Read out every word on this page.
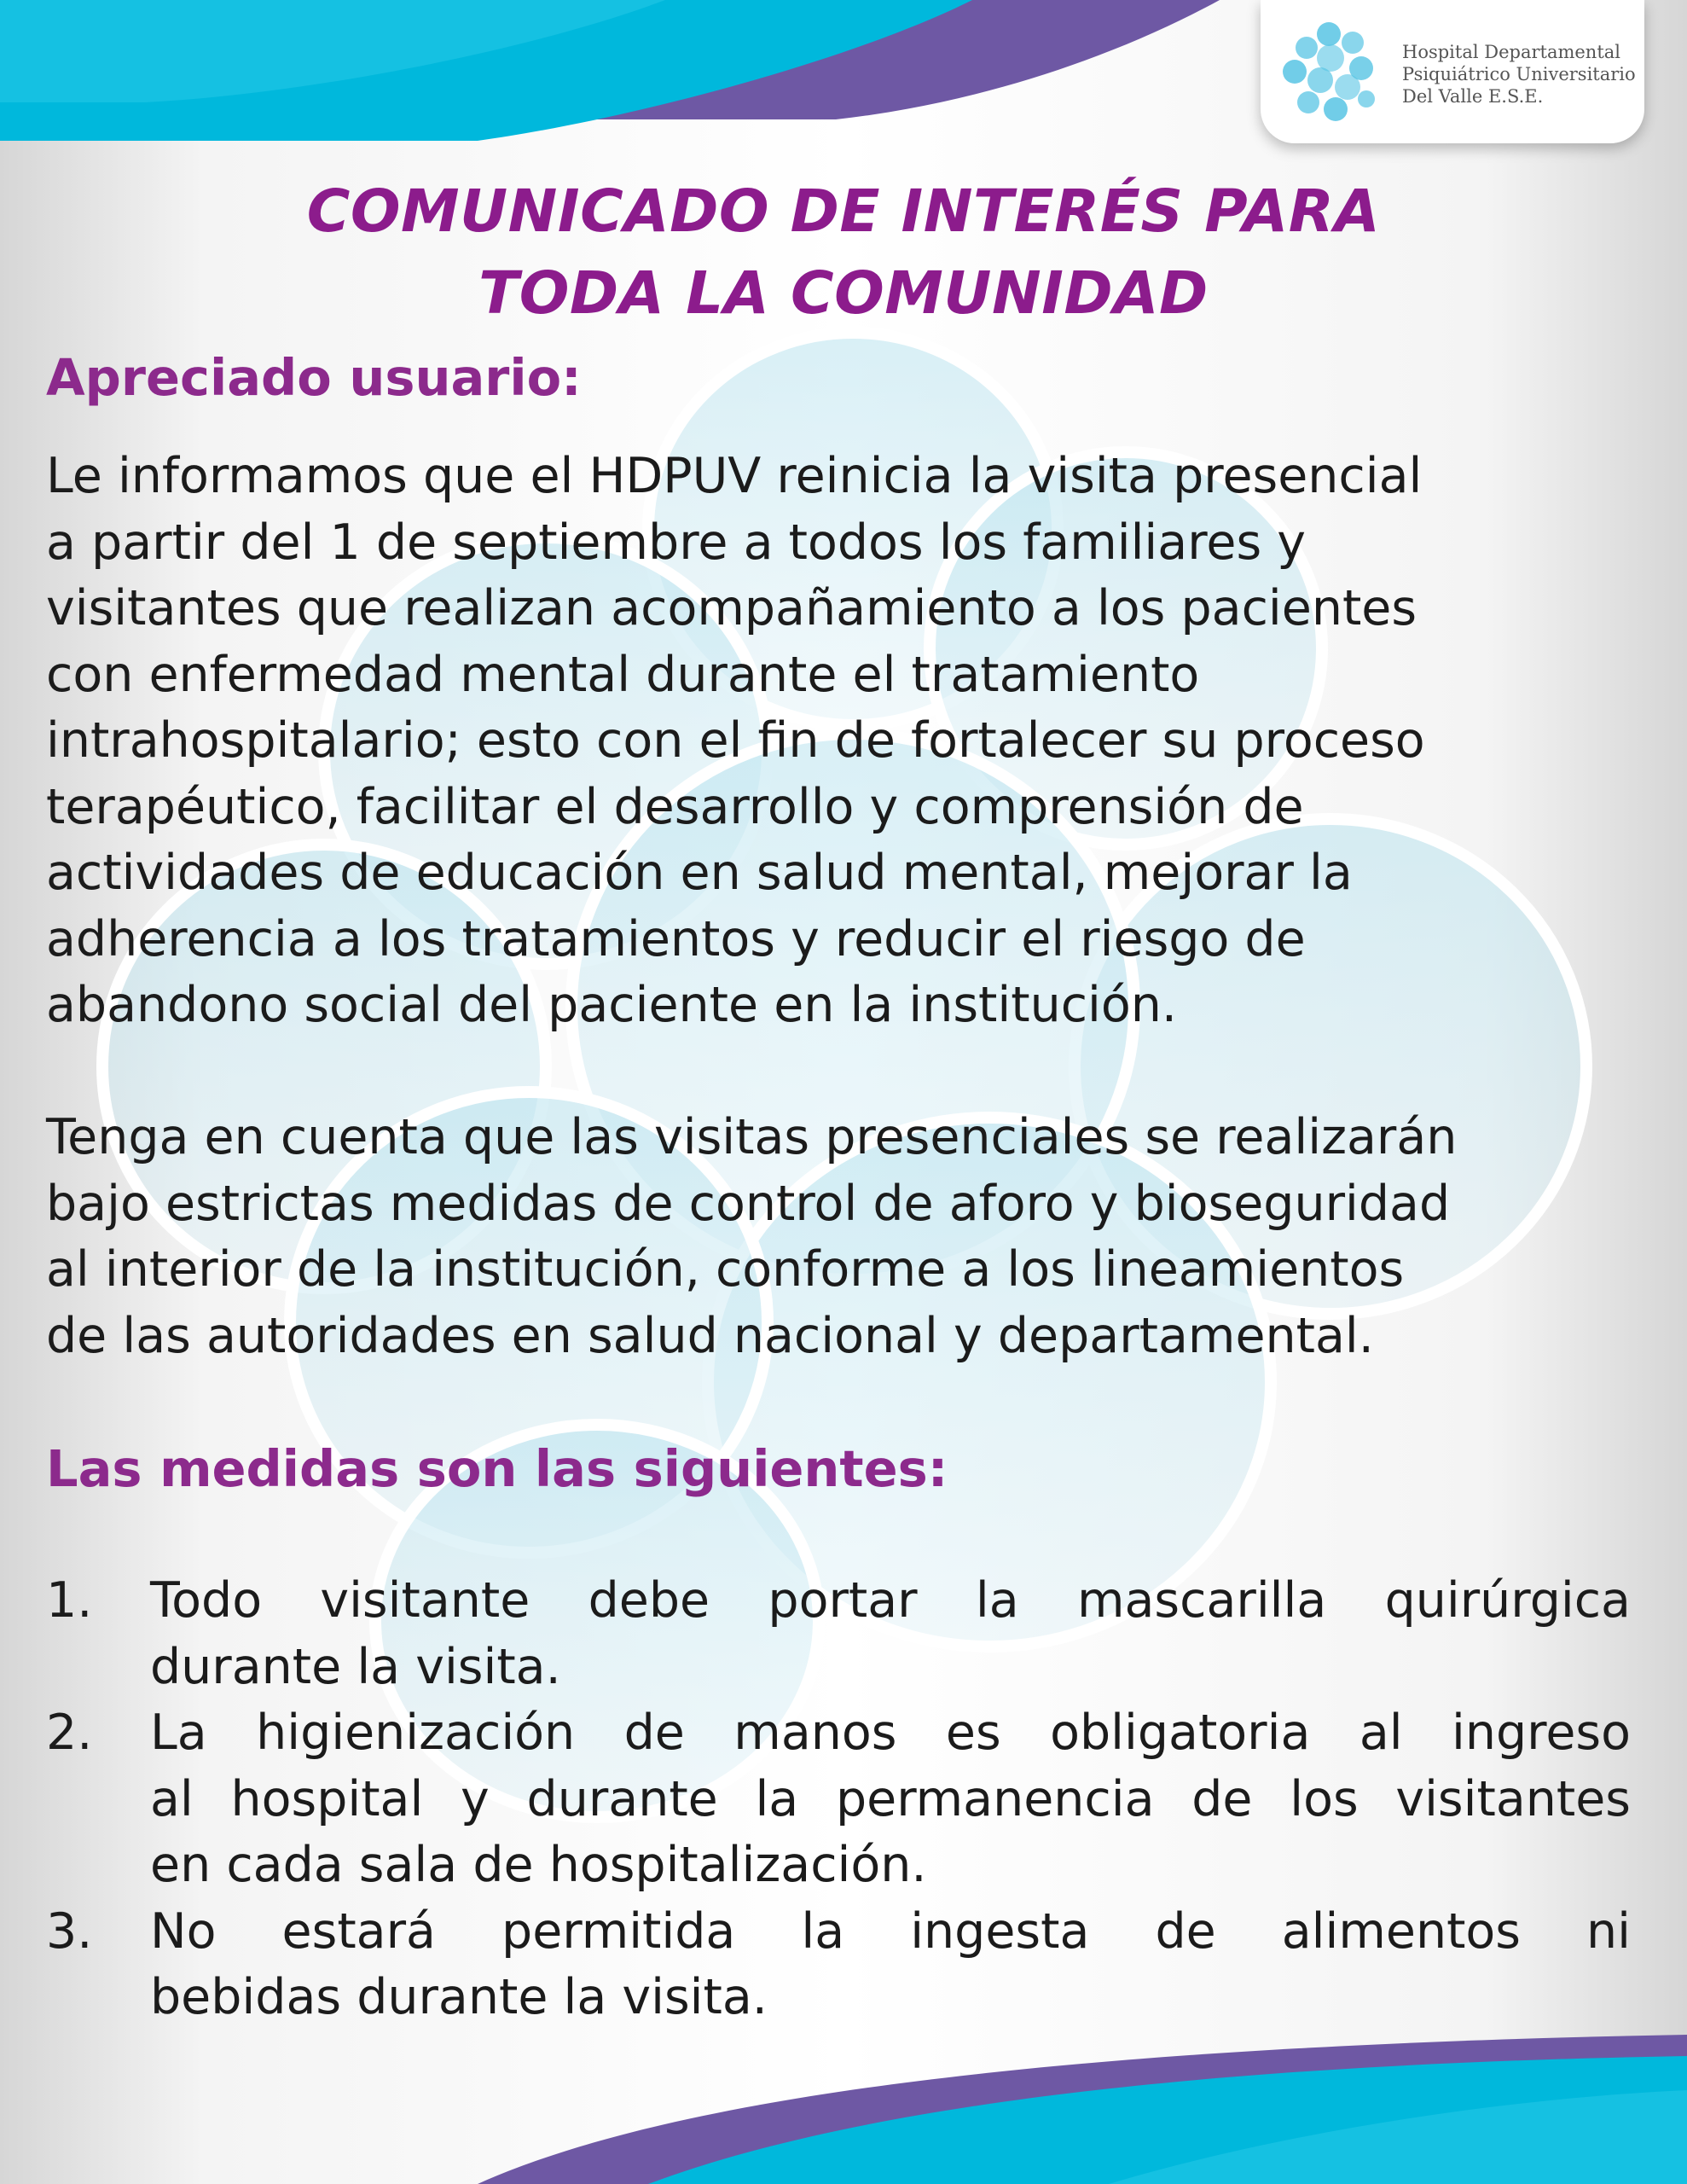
Hospital Departamental
Psiquiátrico Universitario
Del Valle E.S.E.
COMUNICADO DE INTERÉS PARA
TODA LA COMUNIDAD
Apreciado usuario:

Le informamos que el HDPUV reinicia la visita presencial
a partir del 1 de septiembre a todos los familiares y
visitantes que realizan acompañamiento a los pacientes
con enfermedad mental durante el tratamiento
intrahospitalario; esto con el fin de fortalecer su proceso
terapéutico, facilitar el desarrollo y comprensión de
actividades de educación en salud mental, mejorar la
adherencia a los tratamientos y reducir el riesgo de
abandono social del paciente en la institución.

Tenga en cuenta que las visitas presenciales se realizarán
bajo estrictas medidas de control de aforo y bioseguridad
al interior de la institución, conforme a los lineamientos
de las autoridades en salud nacional y departamental.

Las medidas son las siguientes:
1. Todo visitante debe portar la mascarilla quirúrgica
durante la visita.
2. La higienización de manos es obligatoria al ingreso
al hospital y durante la permanencia de los visitantes
en cada sala de hospitalización.
3. No estará permitida la ingesta de alimentos ni
bebidas durante la visita.
